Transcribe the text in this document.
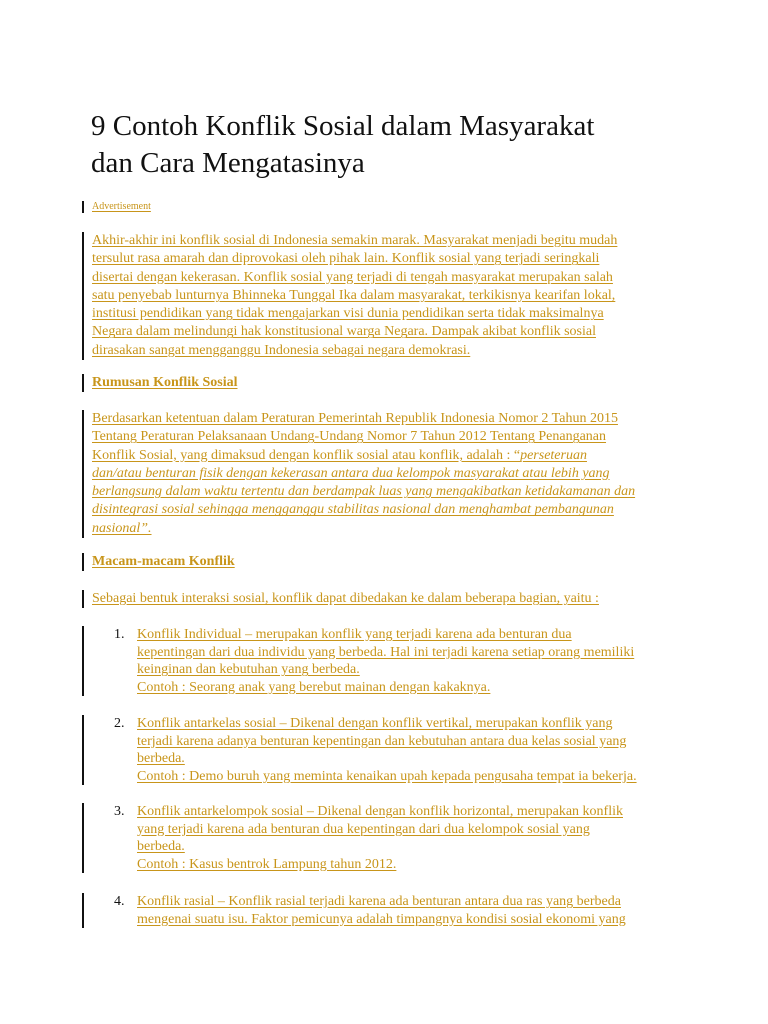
9 Contoh Konflik Sosial dalam Masyarakat
dan Cara Mengatasinya
Advertisement
Akhir-akhir ini konflik sosial di Indonesia semakin marak. Masyarakat menjadi begitu mudah
tersulut rasa amarah dan diprovokasi oleh pihak lain. Konflik sosial yang terjadi seringkali
disertai dengan kekerasan. Konflik sosial yang terjadi di tengah masyarakat merupakan salah
satu penyebab lunturnya Bhinneka Tunggal Ika dalam masyarakat, terkikisnya kearifan lokal,
institusi pendidikan yang tidak mengajarkan visi dunia pendidikan serta tidak maksimalnya
Negara dalam melindungi hak konstitusional warga Negara. Dampak akibat konflik sosial
dirasakan sangat mengganggu Indonesia sebagai negara demokrasi.
Rumusan Konflik Sosial
Berdasarkan ketentuan dalam Peraturan Pemerintah Republik Indonesia Nomor 2 Tahun 2015
Tentang Peraturan Pelaksanaan Undang-Undang Nomor 7 Tahun 2012 Tentang Penanganan
Konflik Sosial, yang dimaksud dengan konflik sosial atau konflik, adalah : “perseteruan
dan/atau benturan fisik dengan kekerasan antara dua kelompok masyarakat atau lebih yang
berlangsung dalam waktu tertentu dan berdampak luas yang mengakibatkan ketidakamanan dan
disintegrasi sosial sehingga mengganggu stabilitas nasional dan menghambat pembangunan
nasional”.
Macam-macam Konflik
Sebagai bentuk interaksi sosial, konflik dapat dibedakan ke dalam beberapa bagian, yaitu :
1. Konflik Individual – merupakan konflik yang terjadi karena ada benturan dua
kepentingan dari dua individu yang berbeda. Hal ini terjadi karena setiap orang memiliki
keinginan dan kebutuhan yang berbeda.
Contoh : Seorang anak yang berebut mainan dengan kakaknya.
2. Konflik antarkelas sosial – Dikenal dengan konflik vertikal, merupakan konflik yang
terjadi karena adanya benturan kepentingan dan kebutuhan antara dua kelas sosial yang
berbeda.
Contoh : Demo buruh yang meminta kenaikan upah kepada pengusaha tempat ia bekerja.
3. Konflik antarkelompok sosial – Dikenal dengan konflik horizontal, merupakan konflik
yang terjadi karena ada benturan dua kepentingan dari dua kelompok sosial yang
berbeda.
Contoh : Kasus bentrok Lampung tahun 2012.
4. Konflik rasial – Konflik rasial terjadi karena ada benturan antara dua ras yang berbeda
mengenai suatu isu. Faktor pemicunya adalah timpangnya kondisi sosial ekonomi yang
